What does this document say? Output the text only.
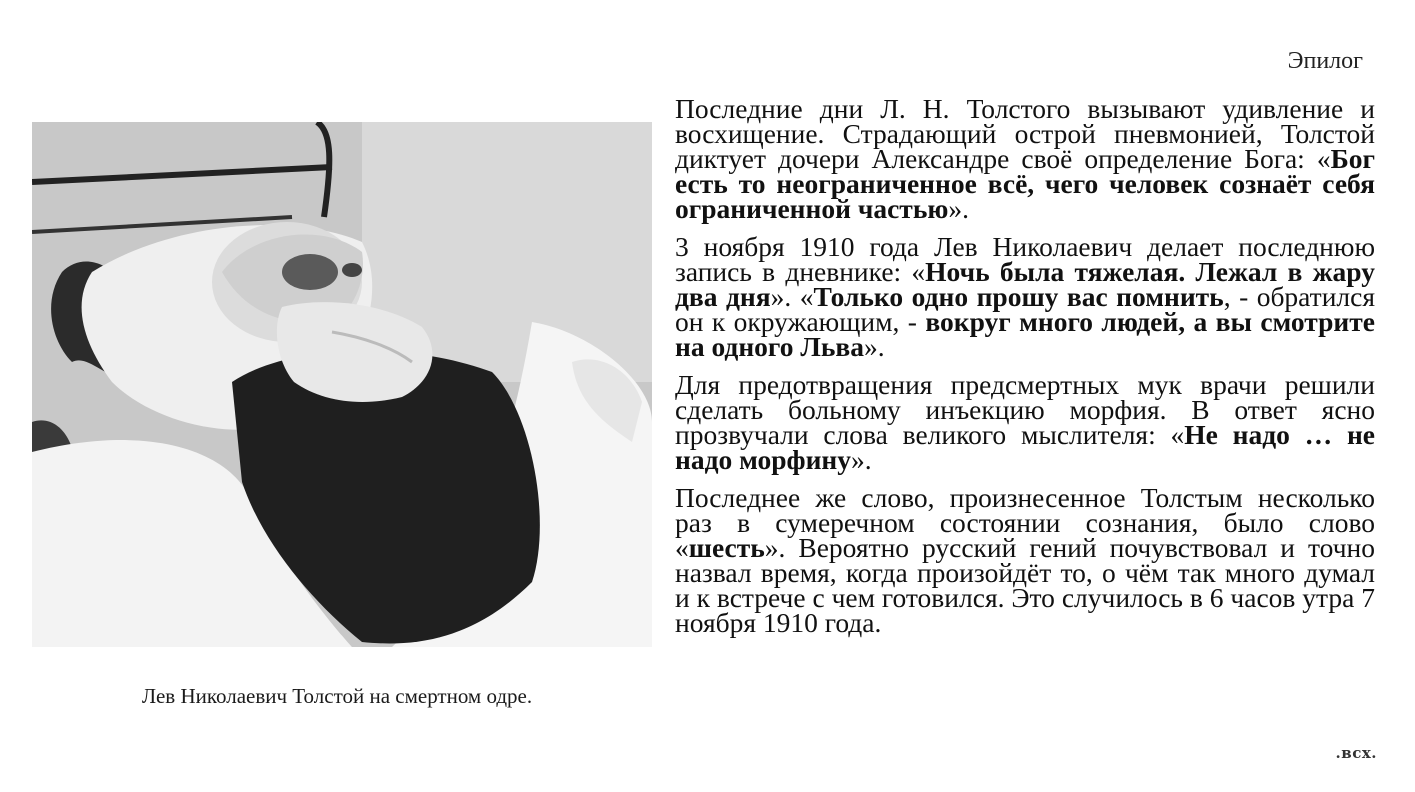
Эпилог
Лев Николаевич Толстой на смертном одре.

Последние дни Л. Н. Толстого вызывают удивление и восхищение. Страдающий острой пневмонией, Толстой диктует дочери Александре своё определение Бога: «Бог есть то неограниченное всё, чего человек сознаёт себя ограниченной частью».

3 ноября 1910 года Лев Николаевич делает последнюю запись в дневнике: «Ночь была тяжелая. Лежал в жару два дня». «Только одно прошу вас помнить, - обратился он к окружающим, - вокруг много людей, а вы смотрите на одного Льва».

Для предотвращения предсмертных мук врачи решили сделать больному инъекцию морфия. В ответ ясно прозвучали слова великого мыслителя: «Не надо … не надо морфину».

Последнее же слово, произнесенное Толстым несколько раз в сумеречном состоянии сознания, было слово «шесть». Вероятно русский гений почувствовал и точно назвал время, когда произойдёт то, о чём так много думал и к встрече с чем готовился. Это случилось в 6 часов утра 7 ноября 1910 года.

.всх.
